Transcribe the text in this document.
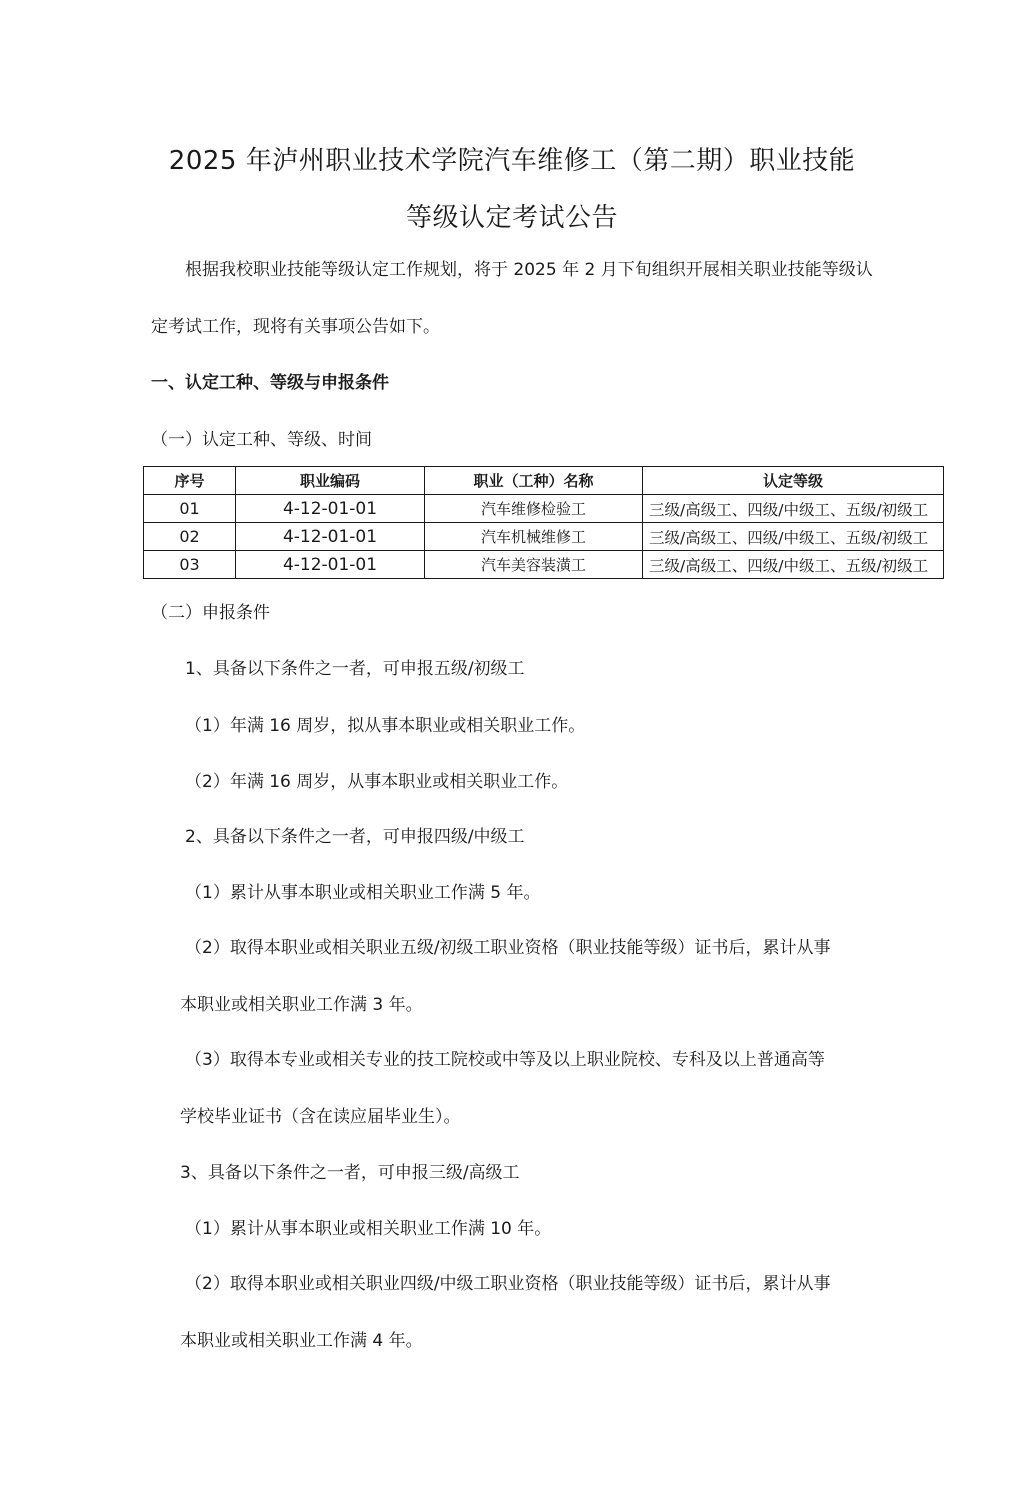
2025 年泸州职业技术学院汽车维修工（第二期）职业技能
等级认定考试公告

根据我校职业技能等级认定工作规划，将于 2025 年 2 月下旬组织开展相关职业技能等级认

定考试工作，现将有关事项公告如下。

一、认定工种、等级与申报条件

（一）认定工种、等级、时间

序号	职业编码	职业（工种）名称	认定等级
01	4-12-01-01	汽车维修检验工	三级/高级工、四级/中级工、五级/初级工
02	4-12-01-01	汽车机械维修工	三级/高级工、四级/中级工、五级/初级工
03	4-12-01-01	汽车美容装潢工	三级/高级工、四级/中级工、五级/初级工

（二）申报条件

1、具备以下条件之一者，可申报五级/初级工

（1）年满 16 周岁，拟从事本职业或相关职业工作。

（2）年满 16 周岁，从事本职业或相关职业工作。

2、具备以下条件之一者，可申报四级/中级工

（1）累计从事本职业或相关职业工作满 5 年。

（2）取得本职业或相关职业五级/初级工职业资格（职业技能等级）证书后，累计从事

本职业或相关职业工作满 3 年。

（3）取得本专业或相关专业的技工院校或中等及以上职业院校、专科及以上普通高等

学校毕业证书（含在读应届毕业生）。

3、具备以下条件之一者，可申报三级/高级工

（1）累计从事本职业或相关职业工作满 10 年。

（2）取得本职业或相关职业四级/中级工职业资格（职业技能等级）证书后，累计从事

本职业或相关职业工作满 4 年。
